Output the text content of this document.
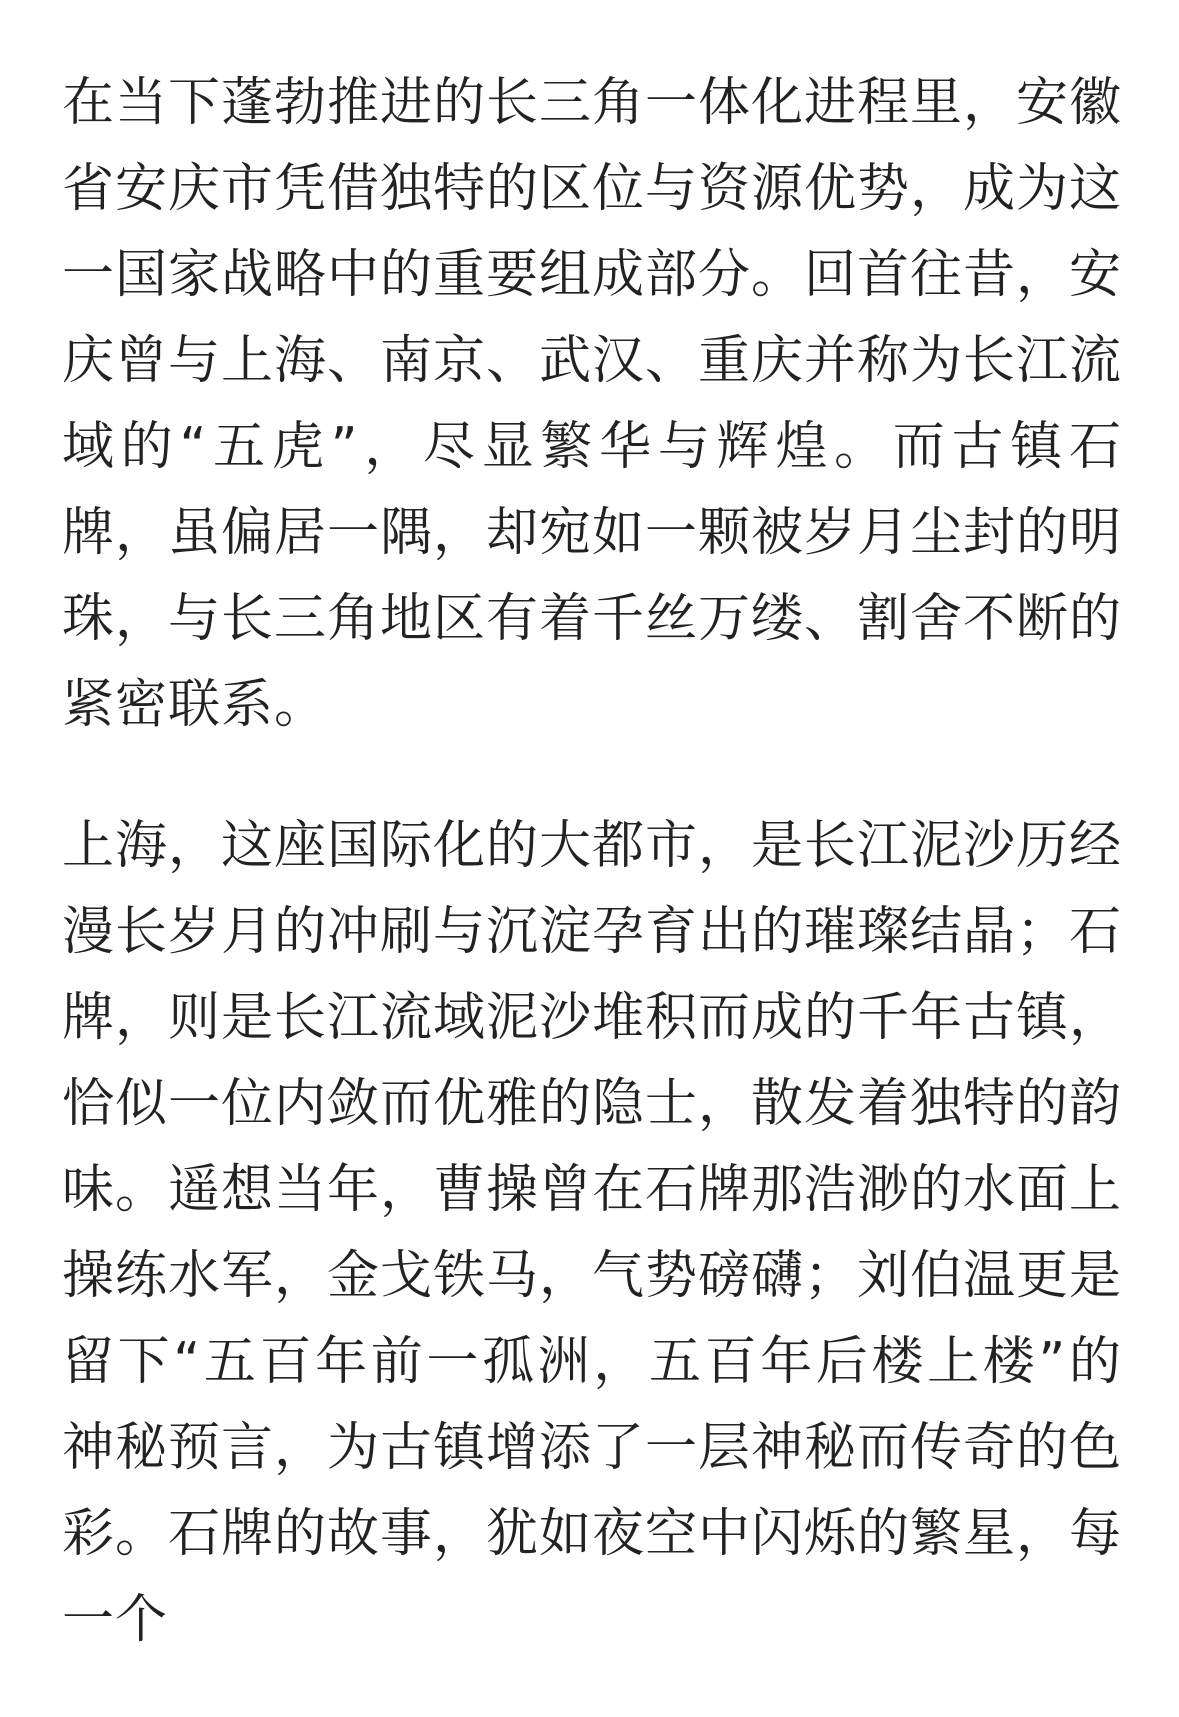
在当下蓬勃推进的长三角一体化进程里，安徽省安庆市凭借独特的区位与资源优势，成为这一国家战略中的重要组成部分。回首往昔，安庆曾与上海、南京、武汉、重庆并称为长江流域的“五虎”，尽显繁华与辉煌。而古镇石牌，虽偏居一隅，却宛如一颗被岁月尘封的明珠，与长三角地区有着千丝万缕、割舍不断的紧密联系。

上海，这座国际化的大都市，是长江泥沙历经漫长岁月的冲刷与沉淀孕育出的璀璨结晶；石牌，则是长江流域泥沙堆积而成的千年古镇，恰似一位内敛而优雅的隐士，散发着独特的韵味。遥想当年，曹操曾在石牌那浩渺的水面上操练水军，金戈铁马，气势磅礴；刘伯温更是留下“五百年前一孤洲，五百年后楼上楼”的神秘预言，为古镇增添了一层神秘而传奇的色彩。石牌的故事，犹如夜空中闪烁的繁星，每一个
